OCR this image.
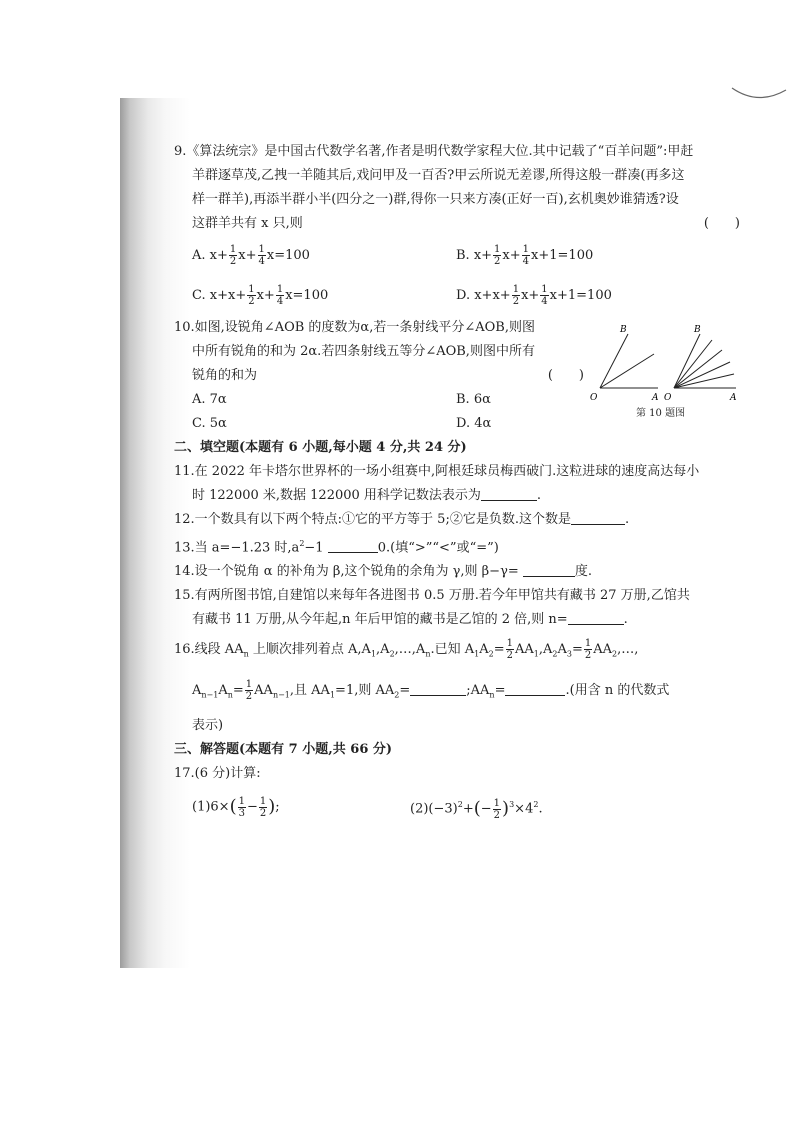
9.《算法统宗》是中国古代数学名著,作者是明代数学家程大位.其中记载了“百羊问题”:甲赶

羊群逐草茂,乙拽一羊随其后,戏问甲及一百否?甲云所说无差谬,所得这般一群凑(再多这

样一群羊),再添半群小半(四分之一)群,得你一只来方凑(正好一百),玄机奥妙谁猜透?设

这群羊共有 x 只,则	(　　)

A. $x+ \frac{1}{2} x+ \frac{1}{4} x=100$	B. $x+ \frac{1}{2} x+ \frac{1}{4} x+1=100$
C. $x+x+ \frac{1}{2} x+ \frac{1}{4} x=100$	D. $x+x+ \frac{1}{2} x+ \frac{1}{4} x+1=100$

10.如图,设锐角∠AOB 的度数为α,若一条射线平分∠AOB,则图

中所有锐角的和为 2α.若四条射线五等分∠AOB,则图中所有

锐角的和为	(　　)

A. 7α	B. 6α
C. 5α	D. 4α

二、填空题(本题有 6 小题,每小题 4 分,共 24 分)

11.在 2022 年卡塔尔世界杯的一场小组赛中,阿根廷球员梅西破门.这粒进球的速度高达每小

时 122000 米,数据 122000 用科学记数法表示为	.

12.一个数具有以下两个特点:①它的平方等于 5;②它是负数.这个数是	.

13.当 a=−1.23 时$,a^2-1$	0.(填“>”“<”或“=”)

14.设一个锐角 α 的补角为 β,这个锐角的余角为 γ,则 β−γ=	度.

15.有两所图书馆,自建馆以来每年各进图书 0.5 万册.若今年甲馆共有藏书 27 万册,乙馆共

有藏书 11 万册,从今年起,n 年后甲馆的藏书是乙馆的 2 倍,则 n=	.

16.线段 $AA_n$ 上顺次排列着点 $A,A_1,A_2,\dots,A_n$.已知 $A_1A_2= \frac{1}{2} AA_1,A_2A_3= \frac{1}{2}$ $AA_2,\dots$,

$A_{n-1}A_n= \frac{1}{2} AA_{n-1}$,且 $AA_1=1$,则 $AA_2=$	$;AA_n=$	.(用含 n 的代数式

表示)

三、解答题(本题有 7 小题,共 66 分)

17.(6 分)计算:

$(1)6\times( \frac{1}{3} - \frac{1}{2}$ );	$(2)(-3)^2+(- \frac{1}{2} )^3\times 4^2$.
O	A
B
O	A
B
第 10 题图
